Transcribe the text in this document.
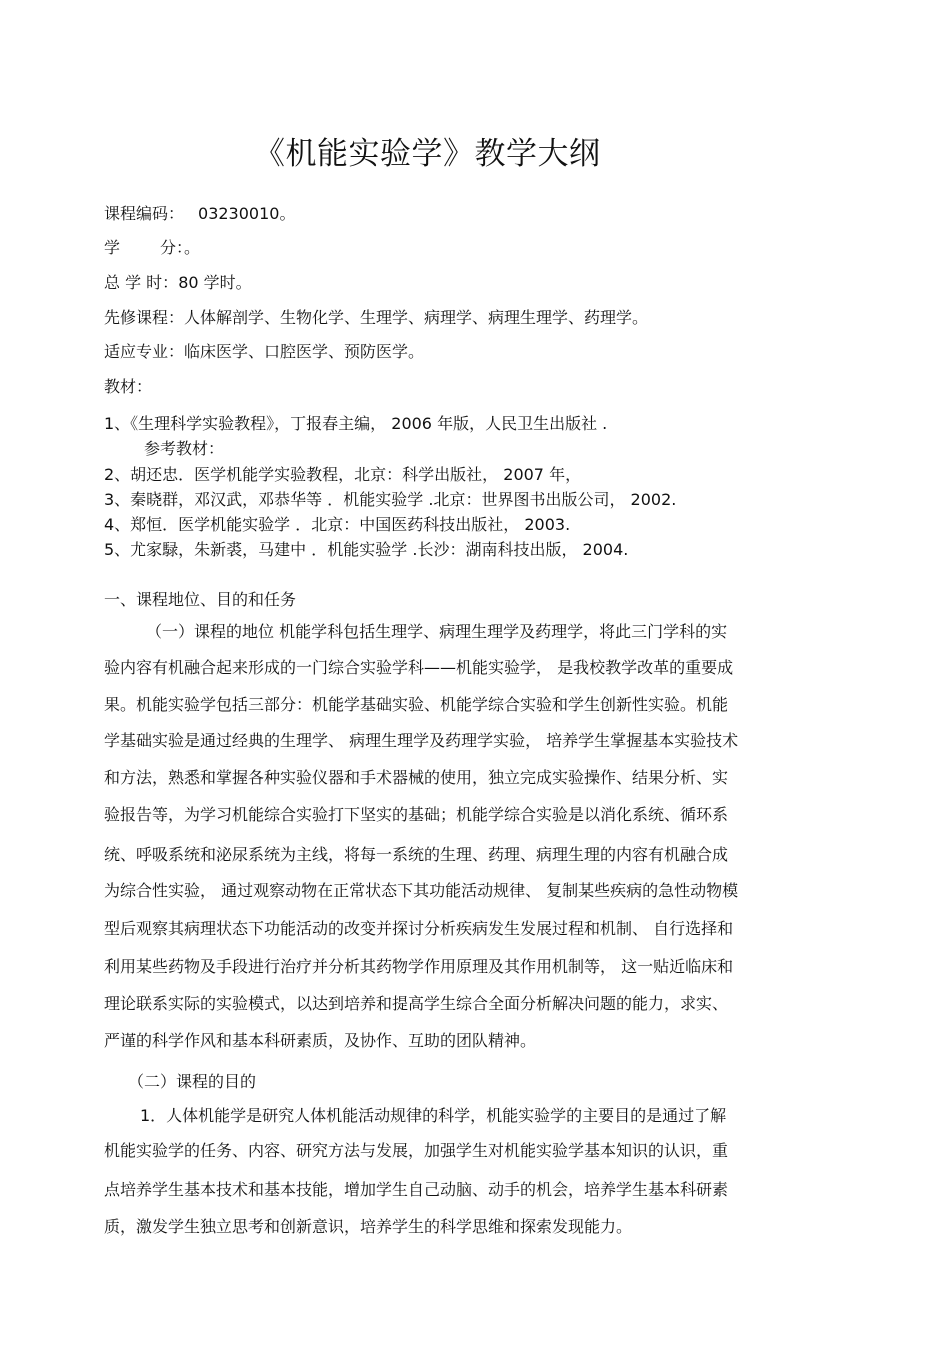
《机能实验学》教学大纲
课程编码： 03230010。
学	分：。
总 学 时：80 学时。
先修课程：人体解剖学、生物化学、生理学、病理学、病理生理学、药理学。
适应专业：临床医学、口腔医学、预防医学。
教材：
1、《生理科学实验教程》，丁报春主编， 2006 年版，人民卫生出版社 .
参考教材：
2、胡还忠．医学机能学实验教程，北京：科学出版社， 2007 年，
3、秦晓群，邓汉武，邓恭华等 ．机能实验学 .北京：世界图书出版公司， 2002.
4、郑恒．医学机能实验学 ．北京：中国医药科技出版社， 2003.
5、尤家騄，朱新裘，马建中 ．机能实验学 .长沙：湖南科技出版， 2004.
一、课程地位、目的和任务
（一）课程的地位 机能学科包括生理学、病理生理学及药理学，将此三门学科的实
验内容有机融合起来形成的一门综合实验学科——机能实验学， 是我校教学改革的重要成
果。机能实验学包括三部分：机能学基础实验、机能学综合实验和学生创新性实验。机能
学基础实验是通过经典的生理学、 病理生理学及药理学实验， 培养学生掌握基本实验技术
和方法，熟悉和掌握各种实验仪器和手术器械的使用，独立完成实验操作、结果分析、实
验报告等，为学习机能综合实验打下坚实的基础；机能学综合实验是以消化系统、循环系
统、呼吸系统和泌尿系统为主线，将每一系统的生理、药理、病理生理的内容有机融合成
为综合性实验， 通过观察动物在正常状态下其功能活动规律、 复制某些疾病的急性动物模
型后观察其病理状态下功能活动的改变并探讨分析疾病发生发展过程和机制、 自行选择和
利用某些药物及手段进行治疗并分析其药物学作用原理及其作用机制等， 这一贴近临床和
理论联系实际的实验模式，以达到培养和提高学生综合全面分析解决问题的能力，求实、
严谨的科学作风和基本科研素质，及协作、互助的团队精神。
（二）课程的目的
1．人体机能学是研究人体机能活动规律的科学，机能实验学的主要目的是通过了解
机能实验学的任务、内容、研究方法与发展，加强学生对机能实验学基本知识的认识，重
点培养学生基本技术和基本技能，增加学生自己动脑、动手的机会，培养学生基本科研素
质，激发学生独立思考和创新意识，培养学生的科学思维和探索发现能力。
